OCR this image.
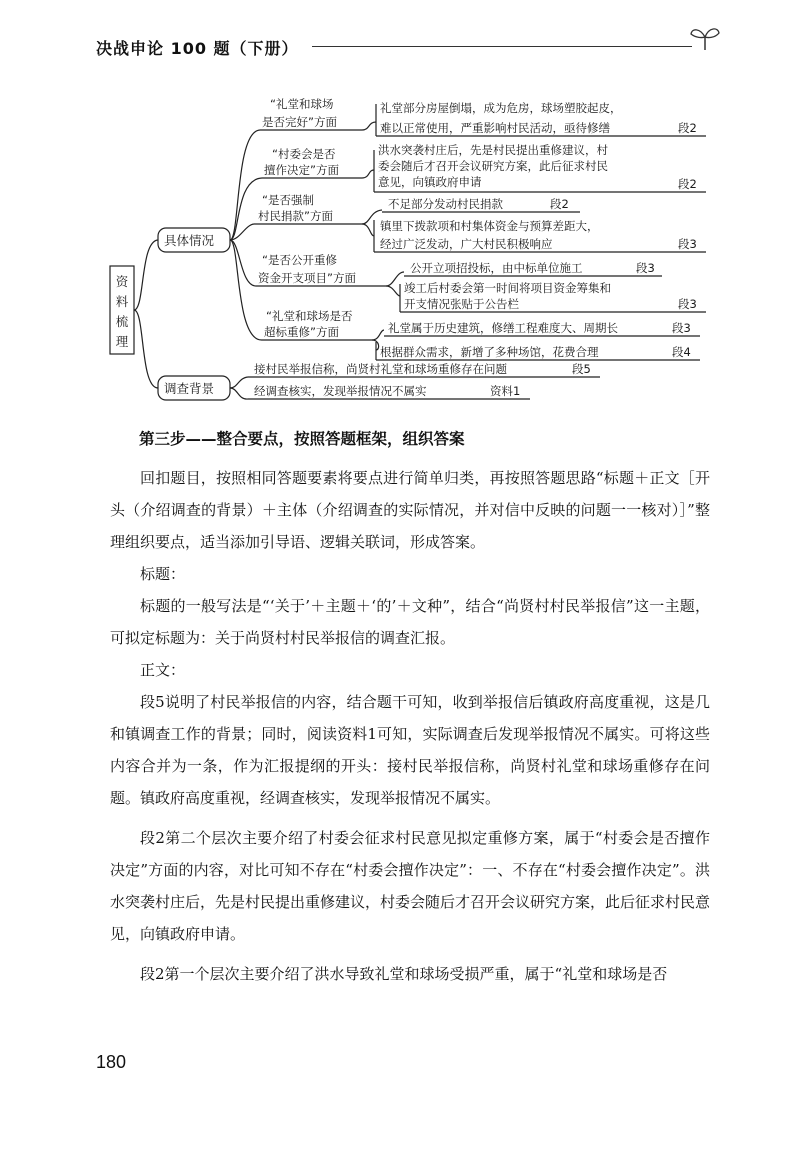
决战申论 100 题（下册）
资料梳理
具体情况
调查背景
“礼堂和球场
是否完好”方面
礼堂部分房屋倒塌，成为危房，球场塑胶起皮，
难以正常使用，严重影响村民活动，亟待修缮	段2
“村委会是否
擅作决定”方面
洪水突袭村庄后，先是村民提出重修建议，村
委会随后才召开会议研究方案，此后征求村民
意见，向镇政府申请	段2
“是否强制
村民捐款”方面
不足部分发动村民捐款	段2
镇里下拨款项和村集体资金与预算差距大，
经过广泛发动，广大村民积极响应	段3
“是否公开重修
资金开支项目”方面
公开立项招投标，由中标单位施工	段3
竣工后村委会第一时间将项目资金筹集和
开支情况张贴于公告栏	段3
“礼堂和球场是否
超标重修”方面	礼堂属于历史建筑，修缮工程难度大、周期长	段3
根据群众需求，新增了多种场馆，花费合理	段4
接村民举报信称，尚贤村礼堂和球场重修存在问题	段5
经调查核实，发现举报情况不属实	资料1
第三步——整合要点，按照答题框架，组织答案

回扣题目，按照相同答题要素将要点进行简单归类，再按照答题思路“标题＋正文［开头（介绍调查的背景）＋主体（介绍调查的实际情况，并对信中反映的问题一一核对）］”整理组织要点，适当添加引导语、逻辑关联词，形成答案。

标题：

标题的一般写法是“‘关于’＋主题＋‘的’＋文种”，结合“尚贤村村民举报信”这一主题，可拟定标题为：关于尚贤村村民举报信的调查汇报。

正文：

段5说明了村民举报信的内容，结合题干可知，收到举报信后镇政府高度重视，这是几和镇调查工作的背景；同时，阅读资料1可知，实际调查后发现举报情况不属实。可将这些内容合并为一条，作为汇报提纲的开头：接村民举报信称，尚贤村礼堂和球场重修存在问题。镇政府高度重视，经调查核实，发现举报情况不属实。

段2第二个层次主要介绍了村委会征求村民意见拟定重修方案，属于“村委会是否擅作决定”方面的内容，对比可知不存在“村委会擅作决定”：一、不存在“村委会擅作决定”。洪水突袭村庄后，先是村民提出重修建议，村委会随后才召开会议研究方案，此后征求村民意见，向镇政府申请。

段2第一个层次主要介绍了洪水导致礼堂和球场受损严重，属于“礼堂和球场是否

180
